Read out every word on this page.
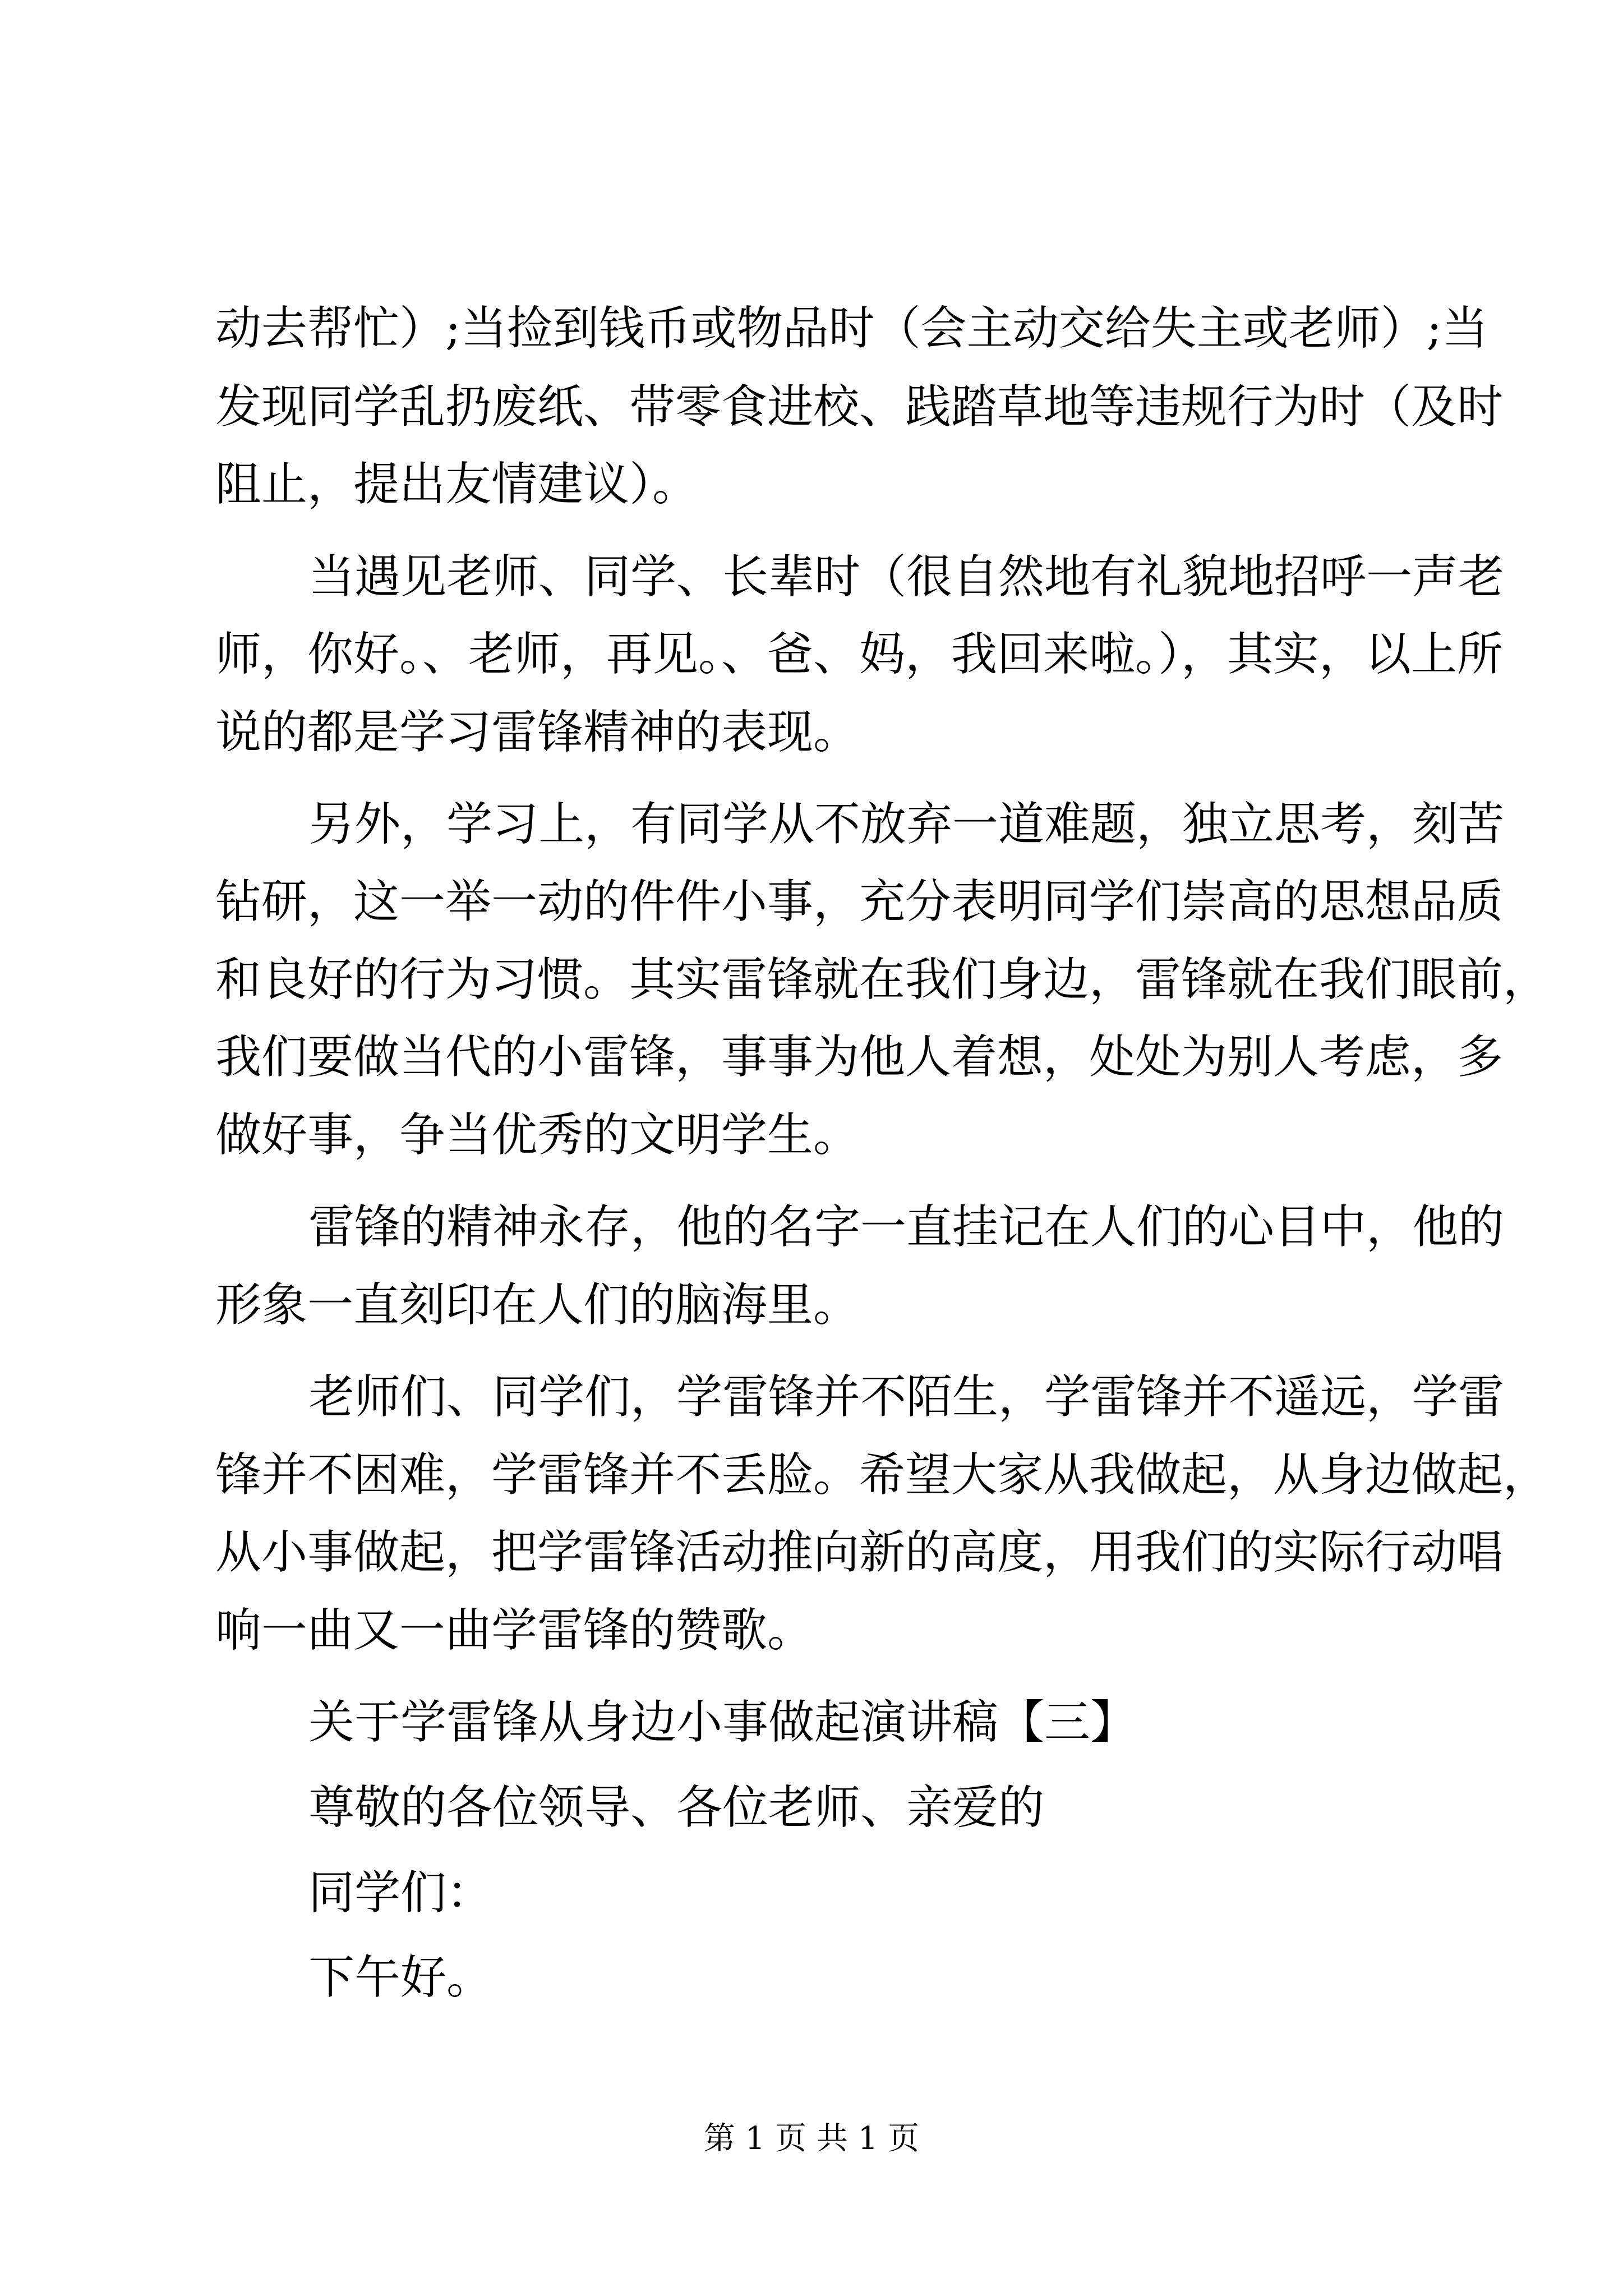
动去帮忙）;当捡到钱币或物品时（会主动交给失主或老师）;当
发现同学乱扔废纸、带零食进校、践踏草地等违规行为时（及时
阻止，提出友情建议）。
当遇见老师、同学、长辈时（很自然地有礼貌地招呼一声老
师，你好。、老师，再见。、爸、妈，我回来啦。），其实，以上所
说的都是学习雷锋精神的表现。
另外，学习上，有同学从不放弃一道难题，独立思考，刻苦
钻研，这一举一动的件件小事，充分表明同学们崇高的思想品质
和良好的行为习惯。其实雷锋就在我们身边，雷锋就在我们眼前，
我们要做当代的小雷锋，事事为他人着想，处处为别人考虑，多
做好事，争当优秀的文明学生。
雷锋的精神永存，他的名字一直挂记在人们的心目中，他的
形象一直刻印在人们的脑海里。
老师们、同学们，学雷锋并不陌生，学雷锋并不遥远，学雷
锋并不困难，学雷锋并不丢脸。希望大家从我做起，从身边做起，
从小事做起，把学雷锋活动推向新的高度，用我们的实际行动唱
响一曲又一曲学雷锋的赞歌。
关于学雷锋从身边小事做起演讲稿【三】
尊敬的各位领导、各位老师、亲爱的
同学们：
下午好。
第 1 页 共 1 页
